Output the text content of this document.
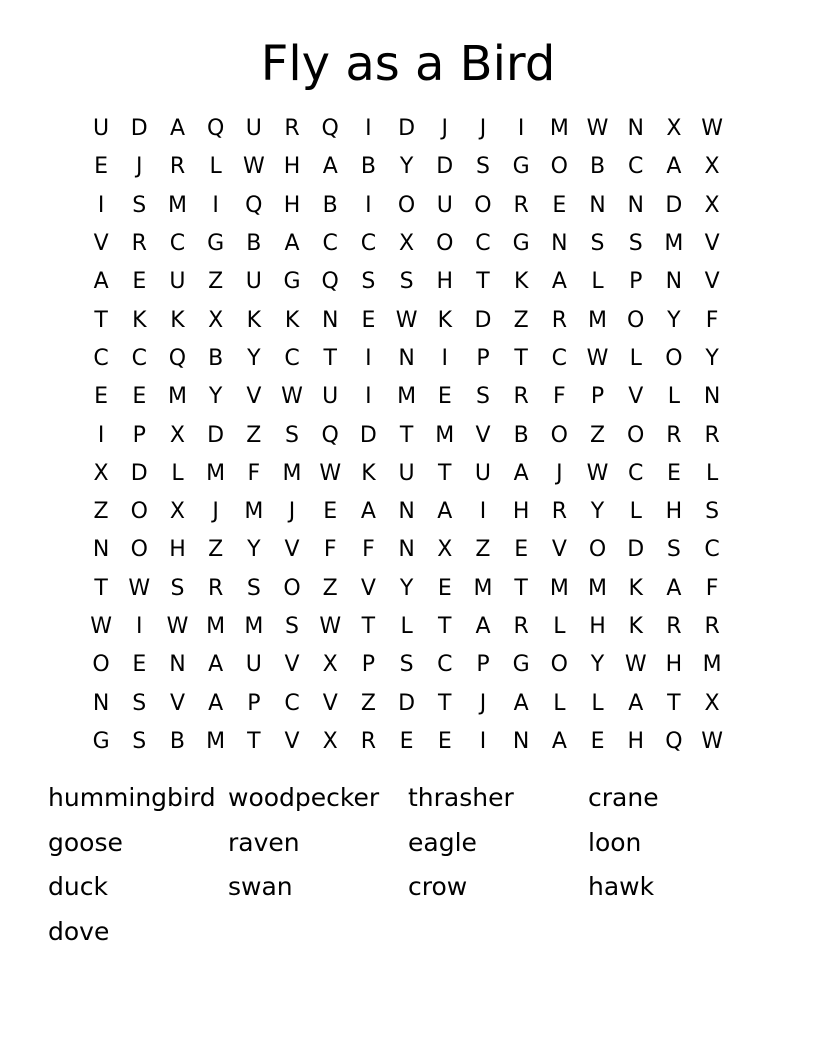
Fly as a Bird
U D	A Q U	R Q	I	D	J	J	I	M W N	X W
E	J	R	L W H	A	B	Y	D	S	G O B	C	A	X
I	S M	I	Q H	B	I	O U O R	E	N N D	X
V	R	C G	B	A	C	C	X O C G N	S	S M V
A	E	U	Z	U G Q	S	S	H	T	K	A	L	P	N	V
T	K	K	X	K	K	N	E W K	D	Z	R M O	Y	F
C	C Q B	Y	C	T	I	N	I	P	T	C W L	O	Y
E	E M Y	V W U	I	M E	S	R	F	P	V	L	N
I	P	X	D	Z	S	Q D	T M V	B O Z O R	R
X	D	L	M	F	M W K	U	T	U	A	J	W C	E	L
Z O X	J	M	J	E	A	N	A	I	H	R	Y	L	H	S
N O H	Z	Y	V	F	F	N	X	Z	E	V O D	S	C
T W S	R	S	O Z	V	Y	E M T M M K	A	F
W	I	W M M S W T	L	T	A	R	L	H	K	R	R
O	E	N	A	U	V	X	P	S	C	P	G O	Y W H M
N	S	V	A	P	C	V	Z	D	T	J	A	L	L	A	T	X
G	S	B M T	V	X	R	E	E	I	N	A	E	H Q W
hummingbird woodpecker	thrasher	crane
goose	raven	eagle	loon
duck	swan	crow	hawk
dove
